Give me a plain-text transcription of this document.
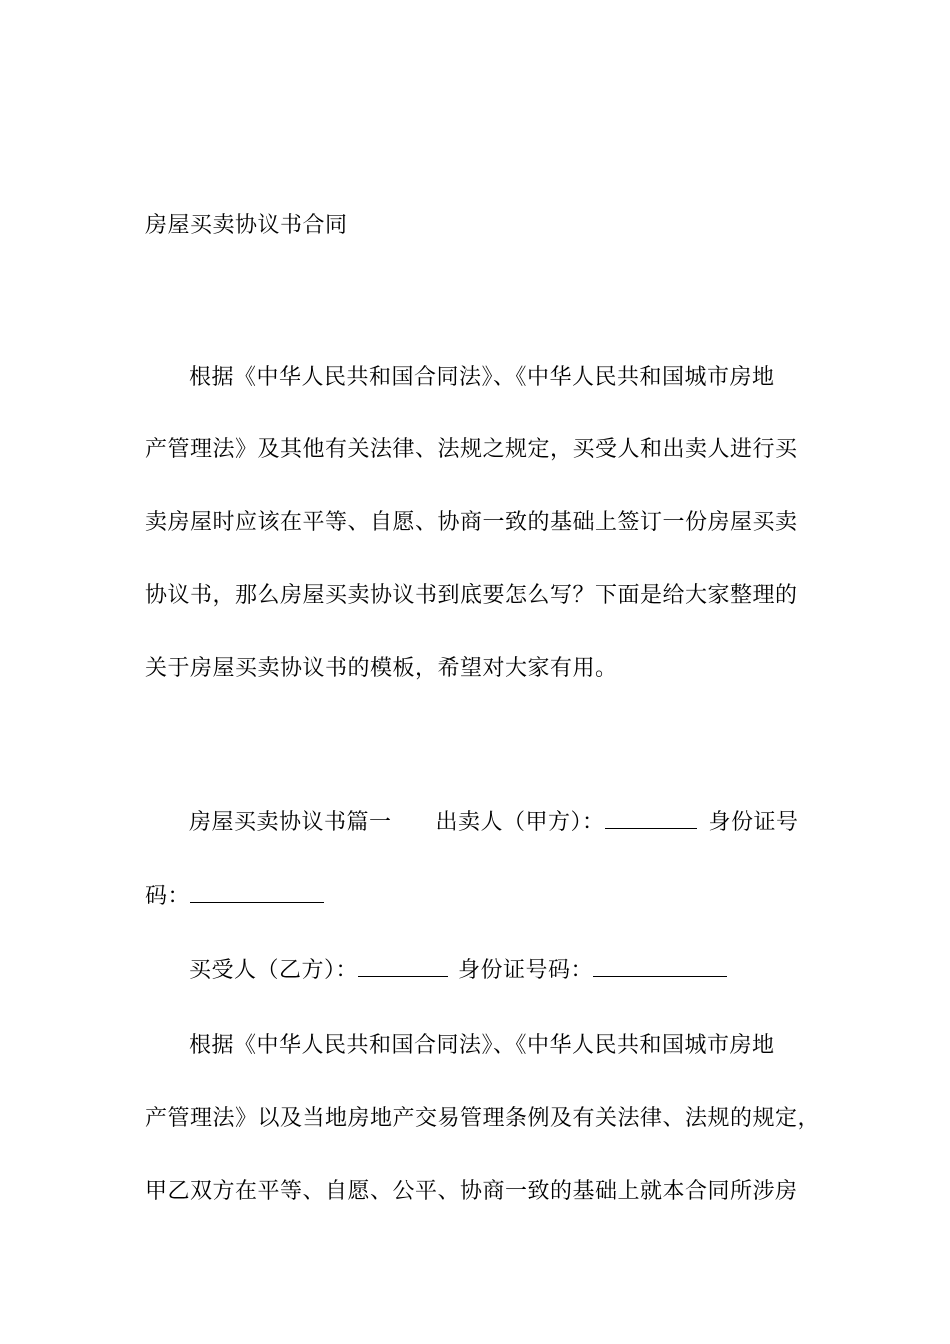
房屋买卖协议书合同
根据《中华人民共和国合同法》、《中华人民共和国城市房地
产管理法》及其他有关法律、法规之规定，买受人和出卖人进行买
卖房屋时应该在平等、自愿、协商一致的基础上签订一份房屋买卖
协议书，那么房屋买卖协议书到底要怎么写？下面是给大家整理的
关于房屋买卖协议书的模板，希望对大家有用。
房屋买卖协议书篇一 出卖人（甲方）：	身份证号
码：
买受人（乙方）：	身份证号码：
根据《中华人民共和国合同法》、《中华人民共和国城市房地
产管理法》以及当地房地产交易管理条例及有关法律、法规的规定，
甲乙双方在平等、自愿、公平、协商一致的基础上就本合同所涉房
